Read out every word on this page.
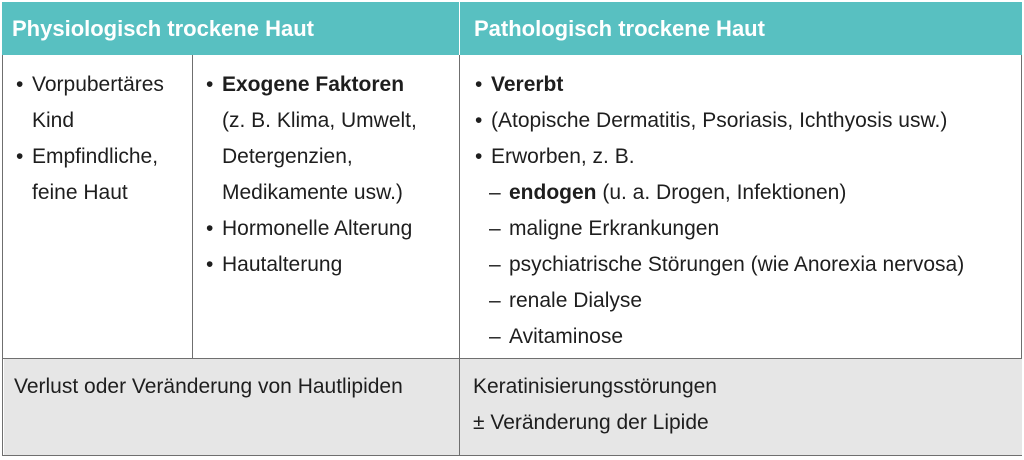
Physiologisch trockene Haut	Pathologisch trockene Haut
• Vorpubertäres Kind
• Empfindliche, feine Haut
• Exogene Faktoren
(z. B. Klima, Umwelt, Detergenzien, Medikamente usw.)
• Hormonelle Alterung
• Hautalterung
• Vererbt
• (Atopische Dermatitis, Psoriasis, Ichthyosis usw.)
• Erworben, z. B.
– endogen (u. a. Drogen, Infektionen)
– maligne Erkrankungen
– psychiatrische Störungen (wie Anorexia nervosa)
– renale Dialyse
– Avitaminose
Verlust oder Veränderung von Hautlipiden	Keratinisierungsstörungen
± Veränderung der Lipide
